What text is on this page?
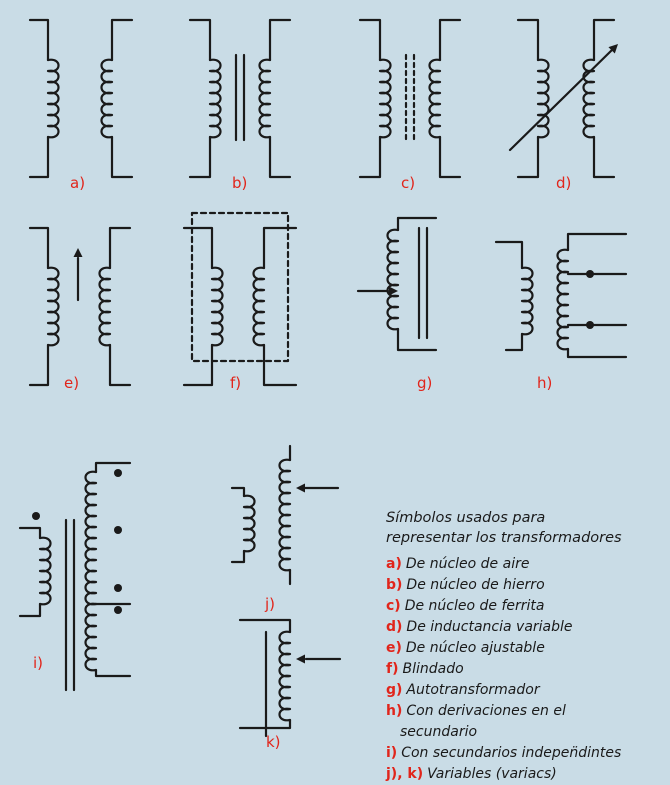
a)	b)	c)	d)
e)	f)	g)	h)
i)
j)
k)
Símbolos usados para
representar los transformadores
a) De núcleo de aire
b) De núcleo de hierro
c) De núcleo de ferrita
d) De inductancia variable
e) De núcleo ajustable
f) Blindado
g) Autotransformador
h) Con derivaciones en el
secundario
i) Con secundarios indepen̈dintes
j), k) Variables (variacs)
